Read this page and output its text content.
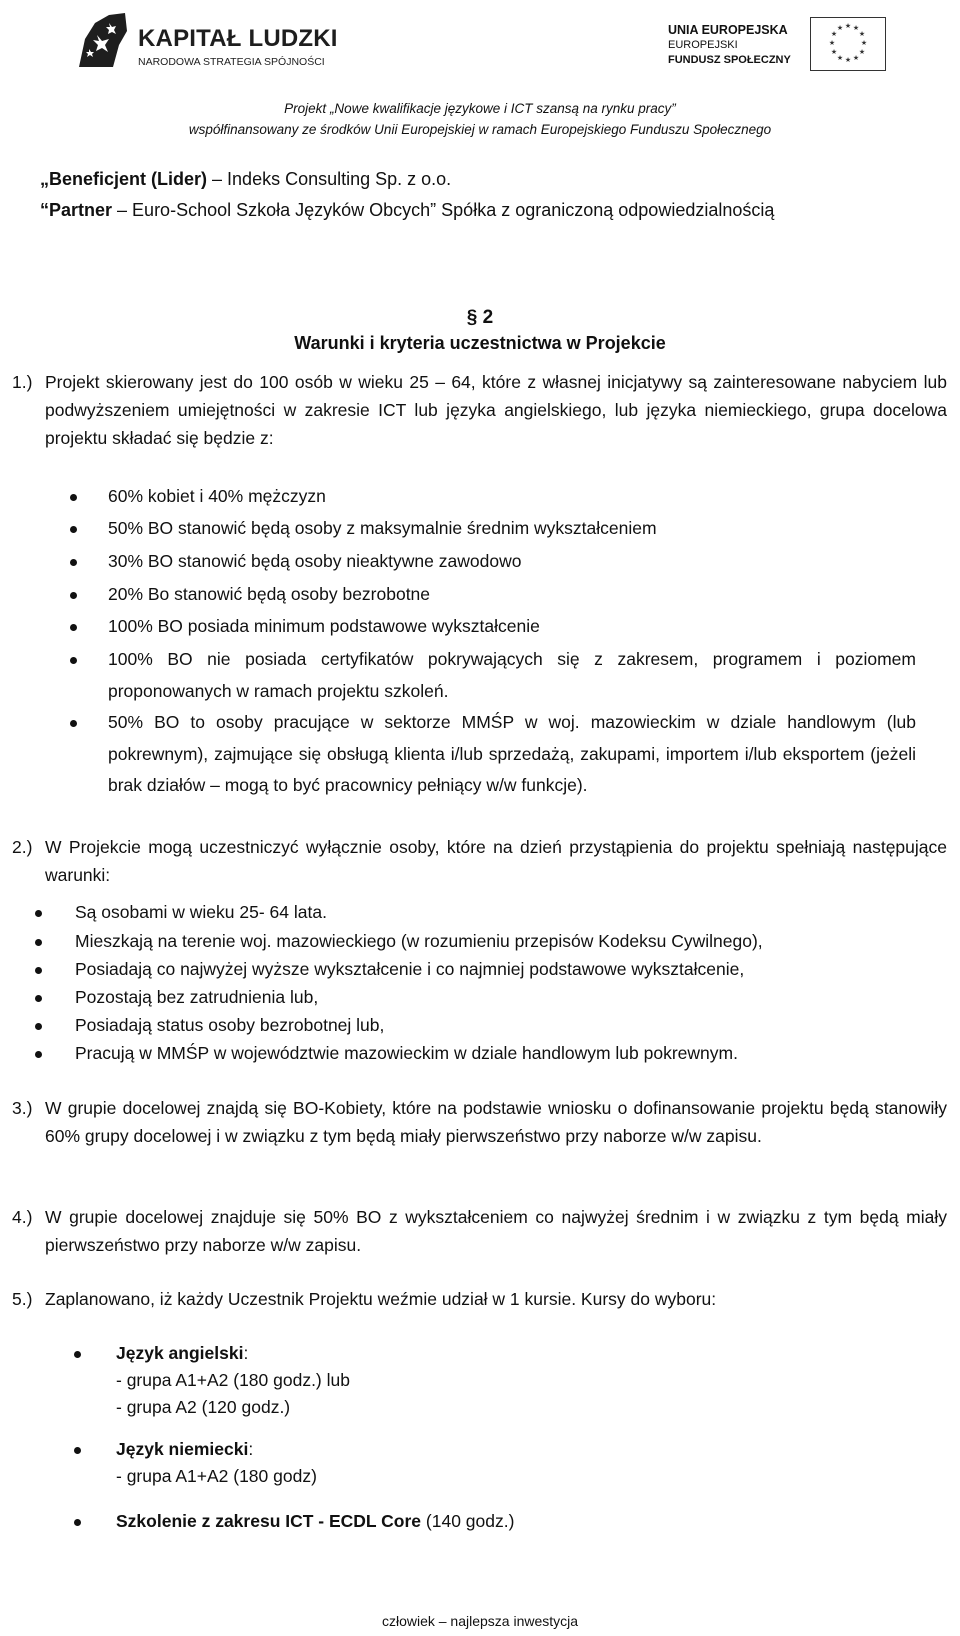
KAPITAŁ LUDZKI
NARODOWA STRATEGIA SPÓJNOŚCI
UNIA EUROPEJSKA
EUROPEJSKI
FUNDUSZ SPOŁECZNY
★ ★
★
★
★
★
★
★
★
★
★
★
Projekt „Nowe kwalifikacje językowe i ICT szansą na rynku pracy”
współfinansowany ze środków Unii Europejskiej w ramach Europejskiego Funduszu Społecznego
„Beneficjent (Lider) – Indeks Consulting Sp. z o.o.
“Partner – Euro-School Szkoła Języków Obcych” Spółka z ograniczoną odpowiedzialnością
§ 2
Warunki i kryteria uczestnictwa w Projekcie
1.) Projekt skierowany jest do 100 osób w wieku 25 – 64, które z własnej inicjatywy są zainteresowane nabyciem lub podwyższeniem umiejętności w zakresie ICT lub języka angielskiego, lub języka niemieckiego, grupa docelowa projektu składać się będzie z:
60% kobiet i 40% mężczyzn
50% BO stanowić będą osoby z maksymalnie średnim wykształceniem
30% BO stanowić będą osoby nieaktywne zawodowo
20% Bo stanowić będą osoby bezrobotne
100% BO posiada minimum podstawowe wykształcenie
100% BO nie posiada certyfikatów pokrywających się z zakresem, programem i poziomem proponowanych w ramach projektu szkoleń.
50% BO to osoby pracujące w sektorze MMŚP w woj. mazowieckim w dziale handlowym (lub pokrewnym), zajmujące się obsługą klienta i/lub sprzedażą, zakupami, importem i/lub eksportem (jeżeli brak działów – mogą to być pracownicy pełniący w/w funkcje).
2.) W Projekcie mogą uczestniczyć wyłącznie osoby, które na dzień przystąpienia do projektu spełniają następujące warunki:
Są osobami w wieku 25- 64 lata.
Mieszkają na terenie woj. mazowieckiego (w rozumieniu przepisów Kodeksu Cywilnego),
Posiadają co najwyżej wyższe wykształcenie i co najmniej podstawowe wykształcenie,
Pozostają bez zatrudnienia lub,
Posiadają status osoby bezrobotnej lub,
Pracują w MMŚP w województwie mazowieckim w dziale handlowym lub pokrewnym.
3.) W grupie docelowej znajdą się BO-Kobiety, które na podstawie wniosku o dofinansowanie projektu będą stanowiły 60% grupy docelowej i w związku z tym będą miały pierwszeństwo przy naborze w/w zapisu.
4.) W grupie docelowej znajduje się 50% BO z wykształceniem co najwyżej średnim i w związku z tym będą miały pierwszeństwo przy naborze w/w zapisu.
5.) Zaplanowano, iż każdy Uczestnik Projektu weźmie udział w 1 kursie. Kursy do wyboru:
Język angielski:
- grupa A1+A2 (180 godz.) lub
- grupa A2 (120 godz.)
Język niemiecki:
- grupa A1+A2 (180 godz)
Szkolenie z zakresu ICT - ECDL Core (140 godz.)
człowiek – najlepsza inwestycja
